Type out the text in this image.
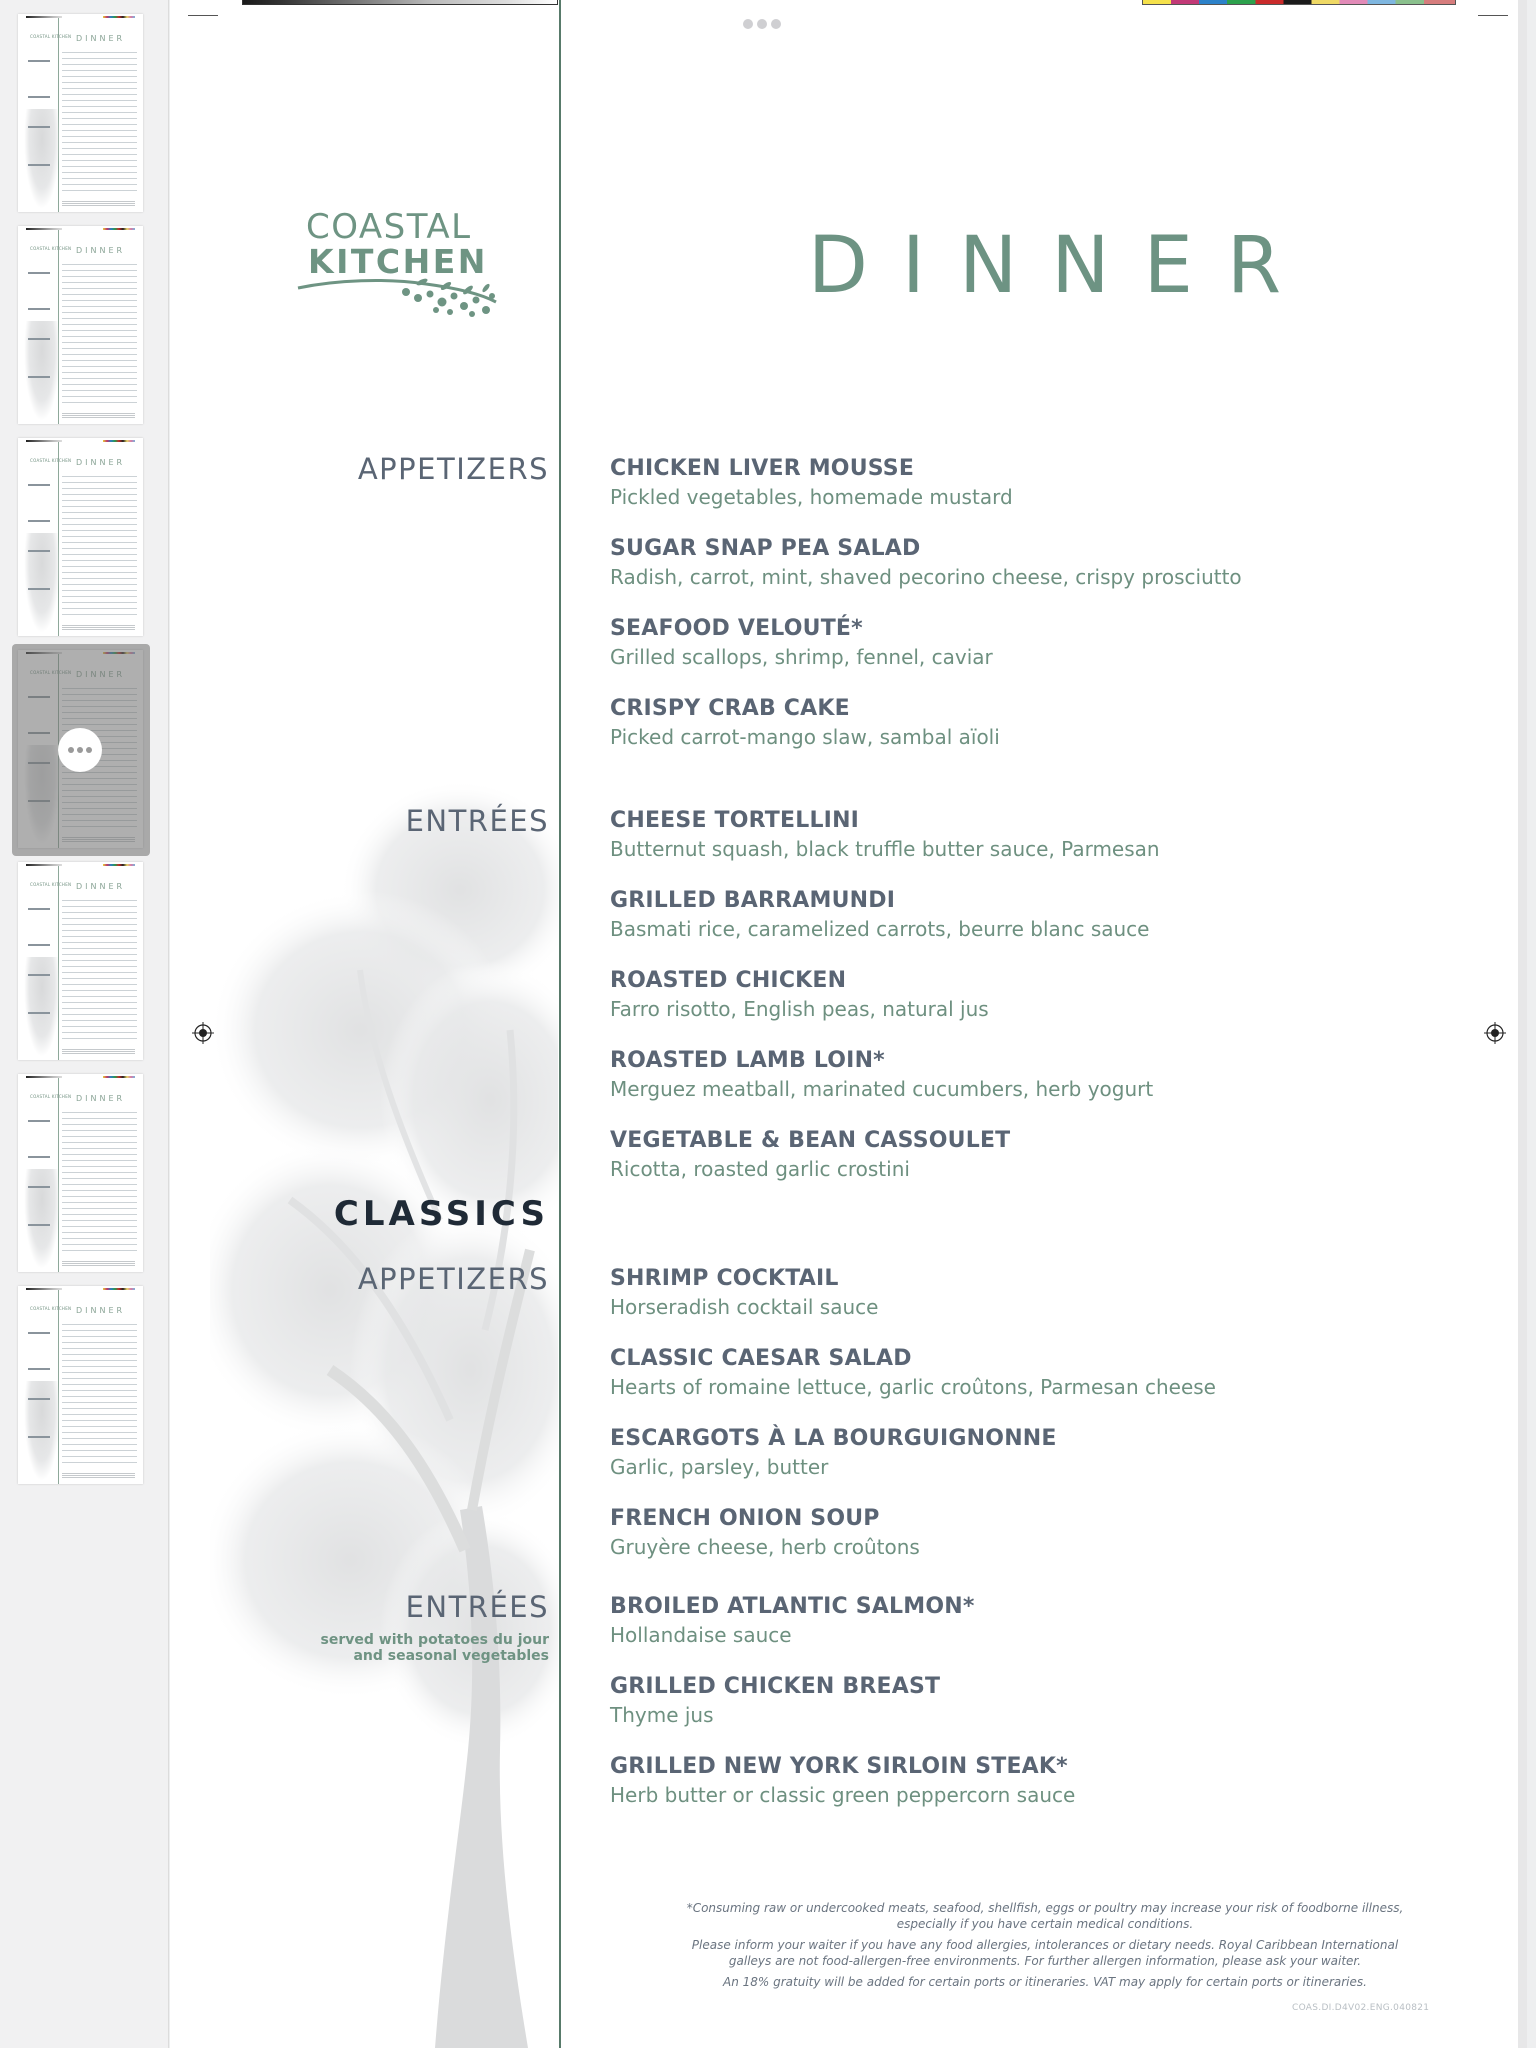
COASTAL KITCHEN DINNER
COASTAL KITCHEN DINNER
COASTAL KITCHEN DINNER
COASTAL KITCHEN DINNER
COASTAL KITCHEN DINNER
COASTAL KITCHEN DINNER
COASTAL
KITCHEN	DINNER
APPETIZERS
ENTRÉES
CLASSICS
APPETIZERS
ENTRÉES
served with potatoes du jour
and seasonal vegetables
CHICKEN LIVER MOUSSE
Pickled vegetables, homemade mustard
SUGAR SNAP PEA SALAD
Radish, carrot, mint, shaved pecorino cheese, crispy prosciutto
SEAFOOD VELOUTÉ*
Grilled scallops, shrimp, fennel, caviar
CRISPY CRAB CAKE
Picked carrot-mango slaw, sambal aïoli
CHEESE TORTELLINI
Butternut squash, black truffle butter sauce, Parmesan
GRILLED BARRAMUNDI
Basmati rice, caramelized carrots, beurre blanc sauce
ROASTED CHICKEN
Farro risotto, English peas, natural jus
ROASTED LAMB LOIN*
Merguez meatball, marinated cucumbers, herb yogurt
VEGETABLE & BEAN CASSOULET
Ricotta, roasted garlic crostini
SHRIMP COCKTAIL
Horseradish cocktail sauce
CLASSIC CAESAR SALAD
Hearts of romaine lettuce, garlic croûtons, Parmesan cheese
ESCARGOTS À LA BOURGUIGNONNE
Garlic, parsley, butter
FRENCH ONION SOUP
Gruyère cheese, herb croûtons
BROILED ATLANTIC SALMON*
Hollandaise sauce
GRILLED CHICKEN BREAST
Thyme jus
GRILLED NEW YORK SIRLOIN STEAK*
Herb butter or classic green peppercorn sauce

*Consuming raw or undercooked meats, seafood, shellfish, eggs or poultry may increase your risk of foodborne illness,
especially if you have certain medical conditions.

Please inform your waiter if you have any food allergies, intolerances or dietary needs. Royal Caribbean International
galleys are not food-allergen-free environments. For further allergen information, please ask your waiter.

An 18% gratuity will be added for certain ports or itineraries. VAT may apply for certain ports or itineraries.

COAS.DI.D4V02.ENG.040821
